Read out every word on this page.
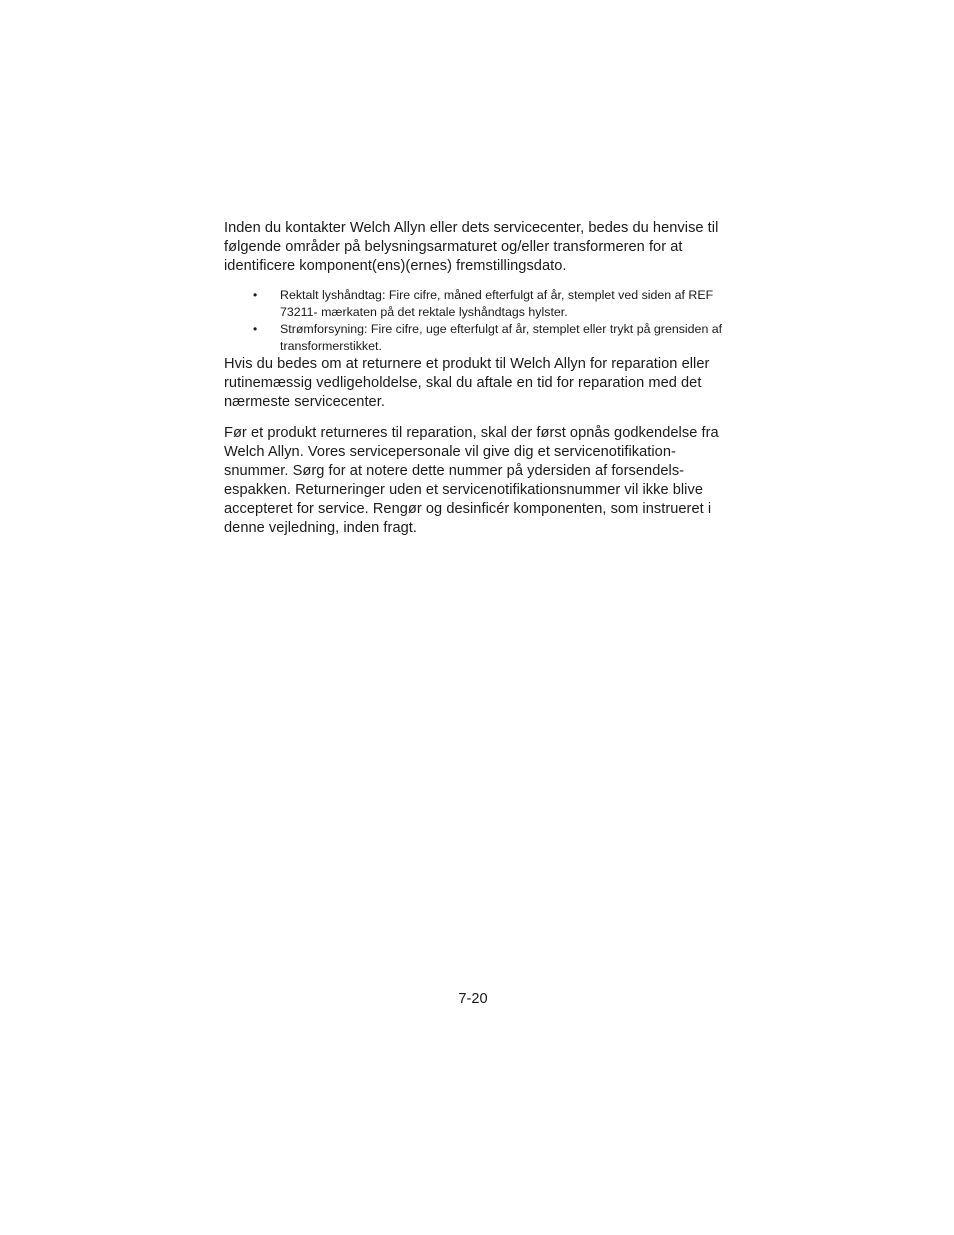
Inden du kontakter Welch Allyn eller dets servicecenter, bedes du henvise til følgende områder på belysningsarmaturet og/eller transformeren for at identificere komponent(ens)(ernes) fremstillingsdato.

• Rektalt lyshåndtag: Fire cifre, måned efterfulgt af år, stemplet ved siden af REF 73211- mærkaten på det rektale lyshåndtags hylster.
• Strømforsyning: Fire cifre, uge efterfulgt af år, stemplet eller trykt på grensiden af transformerstikket.

Hvis du bedes om at returnere et produkt til Welch Allyn for reparation eller rutinemæssig vedligeholdelse, skal du aftale en tid for reparation med det nærmeste servicecenter.

Før et produkt returneres til reparation, skal der først opnås godkendelse fra Welch Allyn. Vores servicepersonale vil give dig et servicenotifikation-snummer. Sørg for at notere dette nummer på ydersiden af forsendels-espakken. Returneringer uden et servicenotifikationsnummer vil ikke blive accepteret for service. Rengør og desinficér komponenten, som instrueret i denne vejledning, inden fragt.

7-20
